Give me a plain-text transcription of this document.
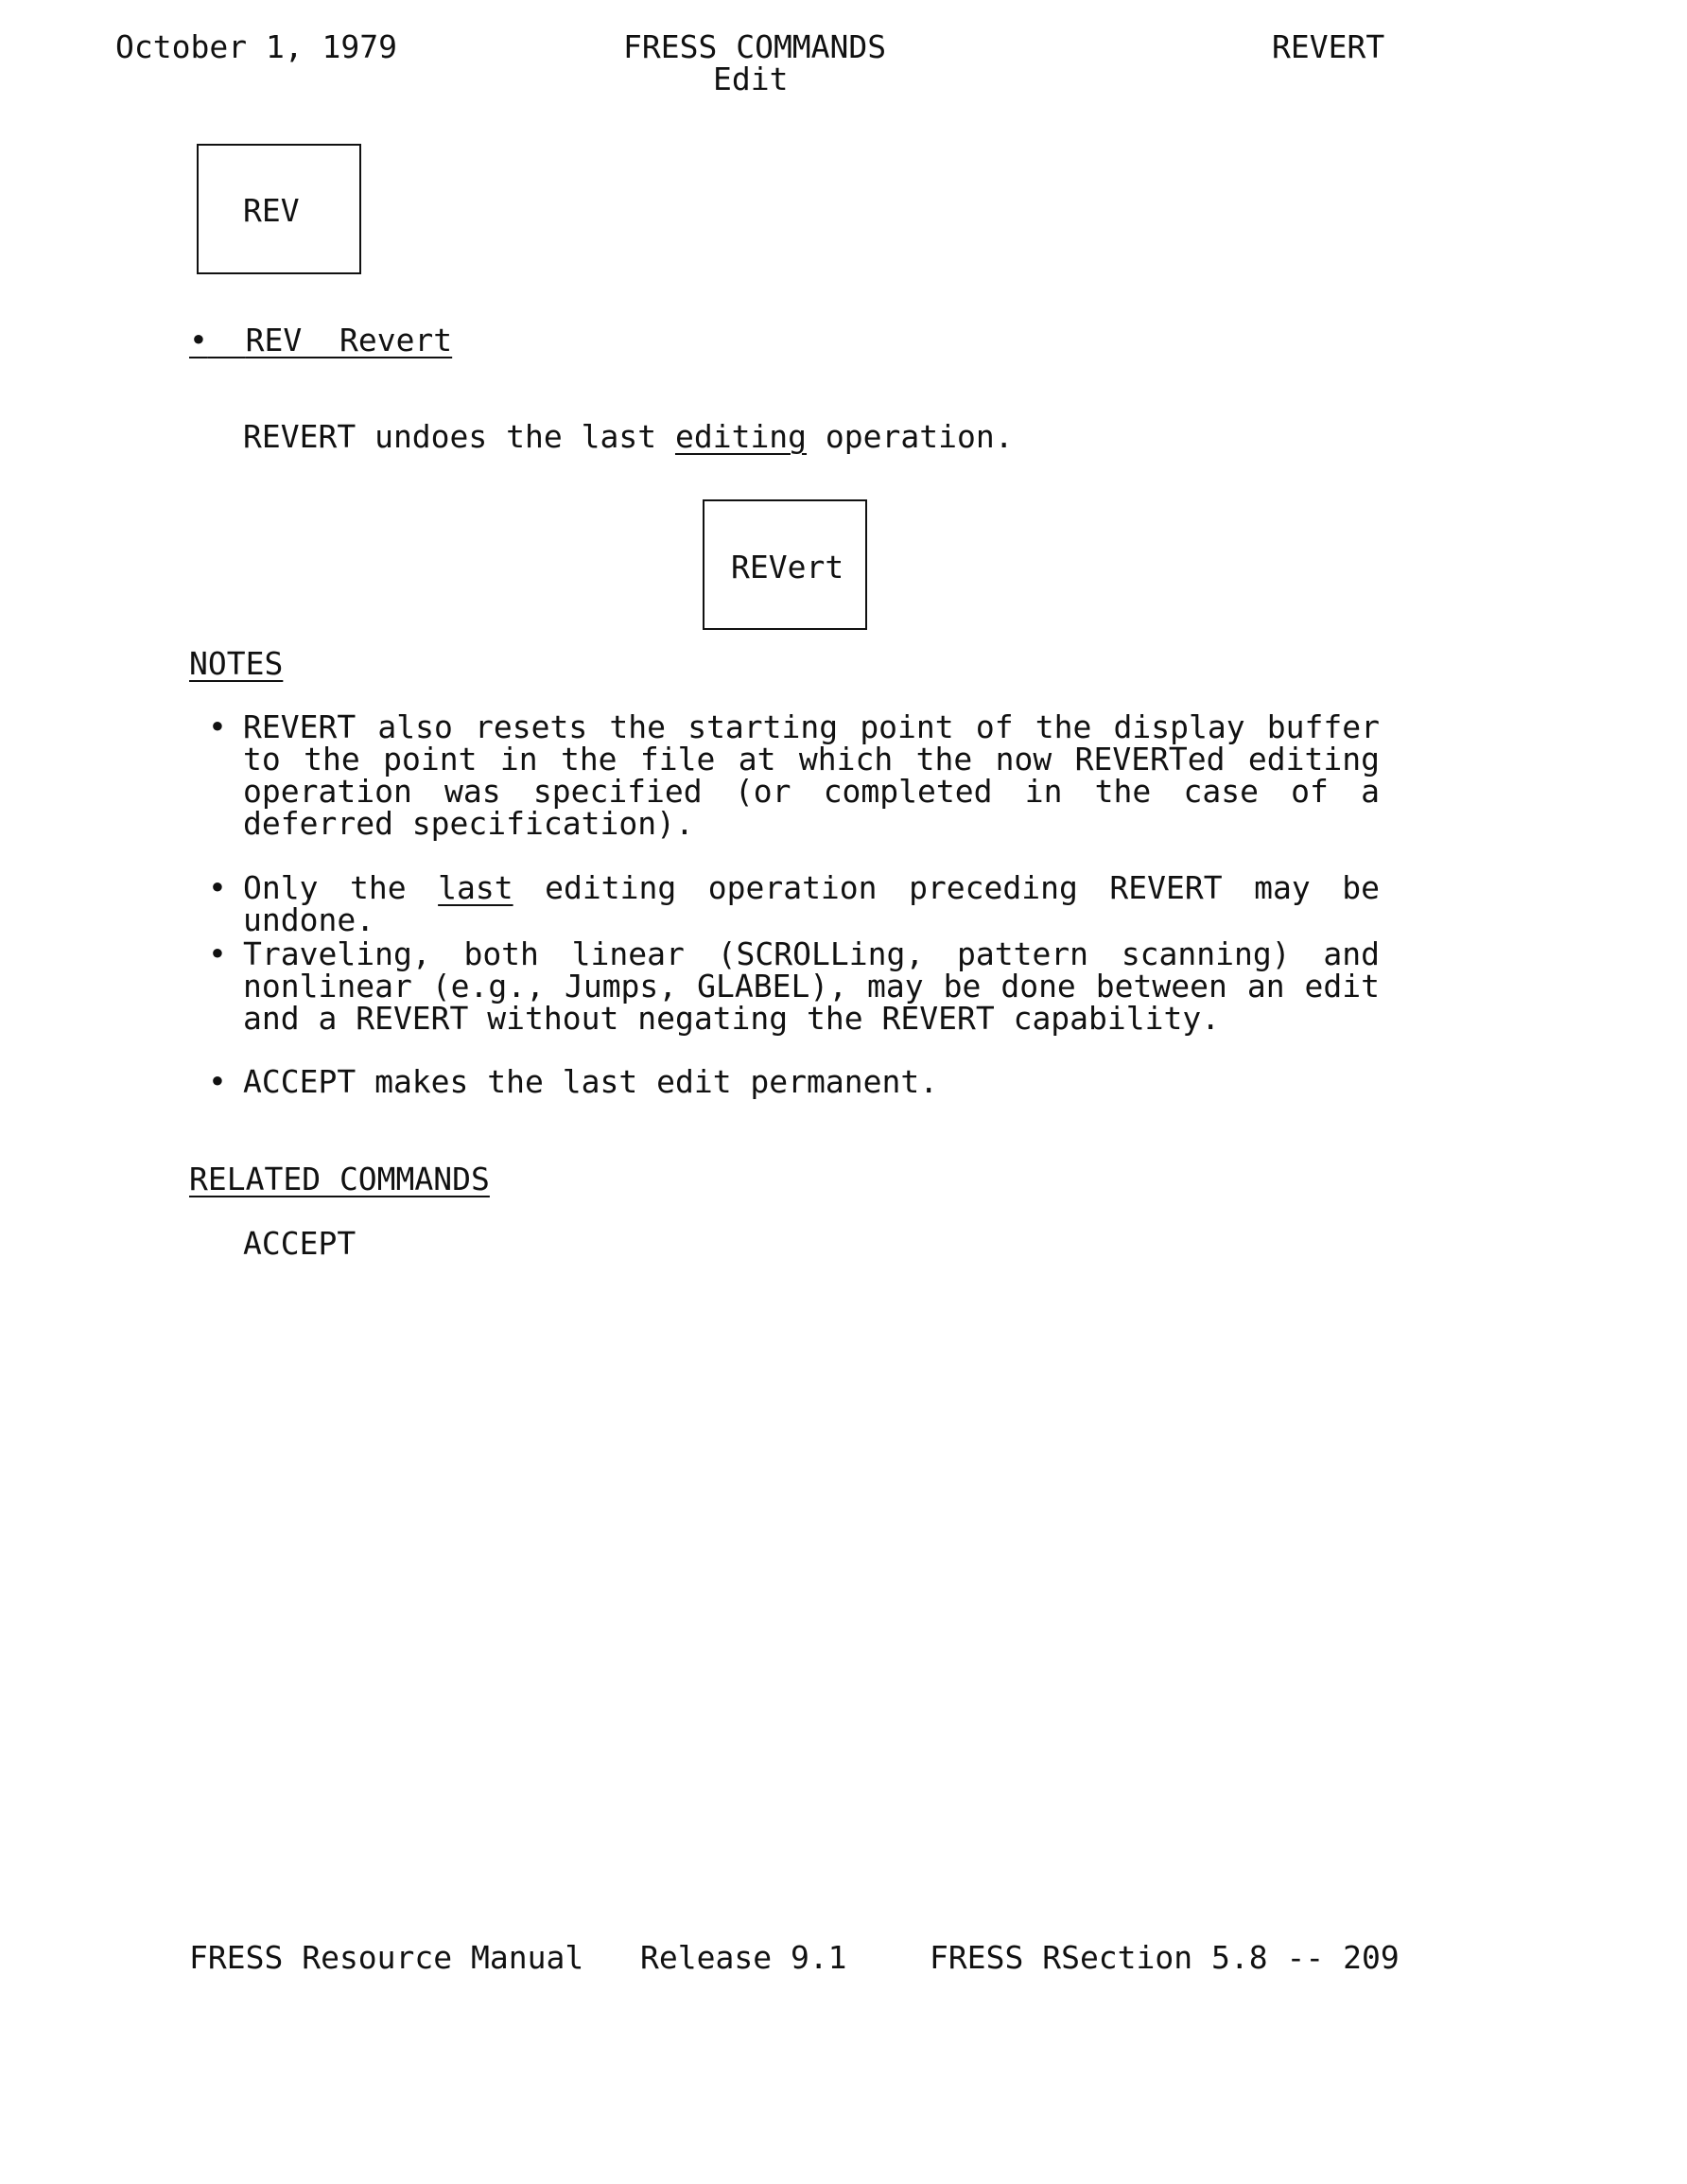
October 1, 1979	FRESS COMMANDS
Edit
REVERT
REV
• REV  Revert
REVERT undoes the last editing operation.
REVert
NOTES
• REVERT also resets the starting point of the display buffer to the point in the file at which the now REVERTed editing operation was specified (or completed in the case of a deferred specification).
• Only the last editing operation preceding REVERT may be undone.
• Traveling, both linear (SCROLLing, pattern scanning) and nonlinear (e.g., Jumps, GLABEL), may be done between an edit and a REVERT without negating the REVERT capability.
• ACCEPT makes the last edit permanent.
RELATED COMMANDS
ACCEPT
FRESS Resource Manual Release 9.1	FRESS RSection 5.8 -- 209
